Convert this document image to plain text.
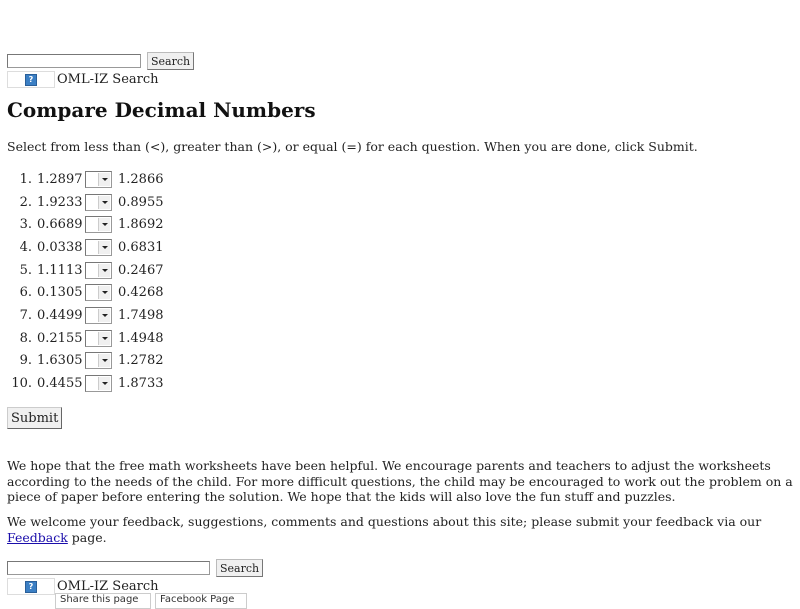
Search
? OML-IZ Search
Compare Decimal Numbers

Select from less than (<), greater than (>), or equal (=) for each question. When you are done, click Submit.

1. 1.2897	1.2866
2. 1.9233	0.8955
3. 0.6689	1.8692
4. 0.0338	0.6831
5. 1.1113	0.2467
6. 0.1305	0.4268
7. 0.4499	1.7498
8. 0.2155	1.4948
9. 1.6305	1.2782
10. 0.4455	1.8733
Submit

We hope that the free math worksheets have been helpful. We encourage parents and teachers to adjust the worksheets according to the needs of the child. For more difficult questions, the child may be encouraged to work out the problem on a piece of paper before entering the solution. We hope that the kids will also love the fun stuff and puzzles.

We welcome your feedback, suggestions, comments and questions about this site; please submit your feedback via our Feedback page.

Search
? OML-IZ Search
Share this page	Facebook Page
